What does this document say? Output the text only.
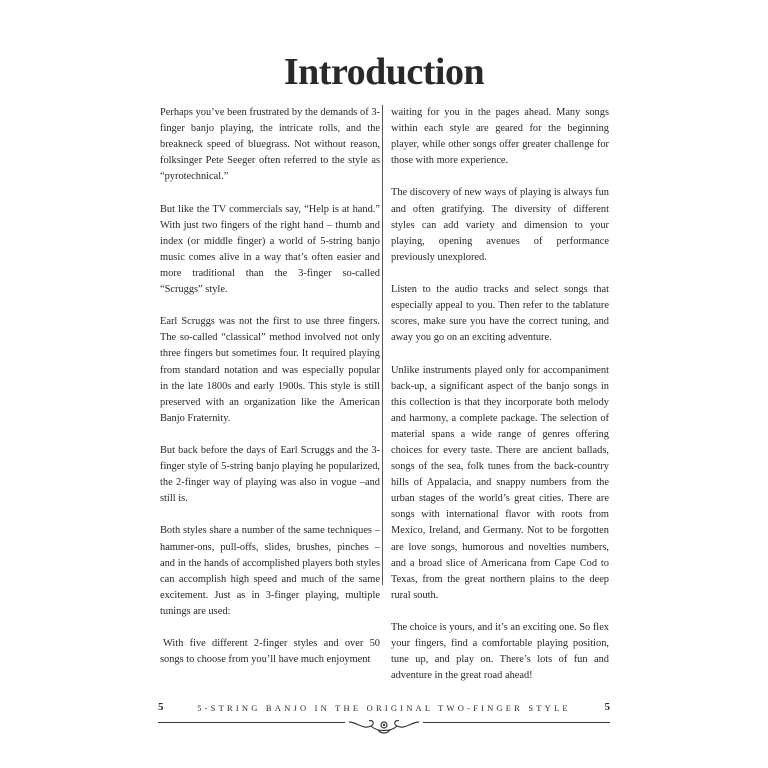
Introduction

Perhaps you’ve been frustrated by the demands of 3-finger banjo playing, the intricate rolls, and the breakneck speed of bluegrass. Not without reason, folksinger Pete Seeger often referred to the style as “pyrotechnical.”

But like the TV commercials say, “Help is at hand.” With just two fingers of the right hand – thumb and index (or middle finger) a world of 5-string banjo music comes alive in a way that’s often easier and more traditional than the 3-finger so-called “Scruggs” style.

Earl Scruggs was not the first to use three fingers. The so-called “classical” method involved not only three fingers but sometimes four. It required playing from standard notation and was especially popular in the late 1800s and early 1900s. This style is still preserved with an organization like the American Banjo Fraternity.

But back before the days of Earl Scruggs and the 3-finger style of 5-string banjo playing he popularized, the 2-finger way of playing was also in vogue –and still is.

Both styles share a number of the same techniques – hammer-ons, pull-offs, slides, brushes, pinches – and in the hands of accomplished players both styles can accomplish high speed and much of the same excitement. Just as in 3-finger playing, multiple tunings are used:

With five different 2-finger styles and over 50 songs to choose from you’ll have much enjoyment

waiting for you in the pages ahead. Many songs within each style are geared for the beginning player, while other songs offer greater challenge for those with more experience.

The discovery of new ways of playing is always fun and often gratifying. The diversity of different styles can add variety and dimension to your playing, opening avenues of performance previously unexplored.

Listen to the audio tracks and select songs that especially appeal to you. Then refer to the tablature scores, make sure you have the correct tuning, and away you go on an exciting adventure.

Unlike instruments played only for accompaniment back-up, a significant aspect of the banjo songs in this collection is that they incorporate both melody and harmony, a complete package. The selection of material spans a wide range of genres offering choices for every taste. There are ancient ballads, songs of the sea, folk tunes from the back-country hills of Appalacia, and snappy numbers from the urban stages of the world’s great cities. There are songs with international flavor with roots from Mexico, Ireland, and Germany. Not to be forgotten are love songs, humorous and novelties numbers, and a broad slice of Americana from Cape Cod to Texas, from the great northern plains to the deep rural south.

The choice is yours, and it’s an exciting one. So flex your fingers, find a comfortable playing position, tune up, and play on. There’s lots of fun and adventure in the great road ahead!

5	5-STRING BANJO IN THE ORIGINAL TWO-FINGER STYLE	5
